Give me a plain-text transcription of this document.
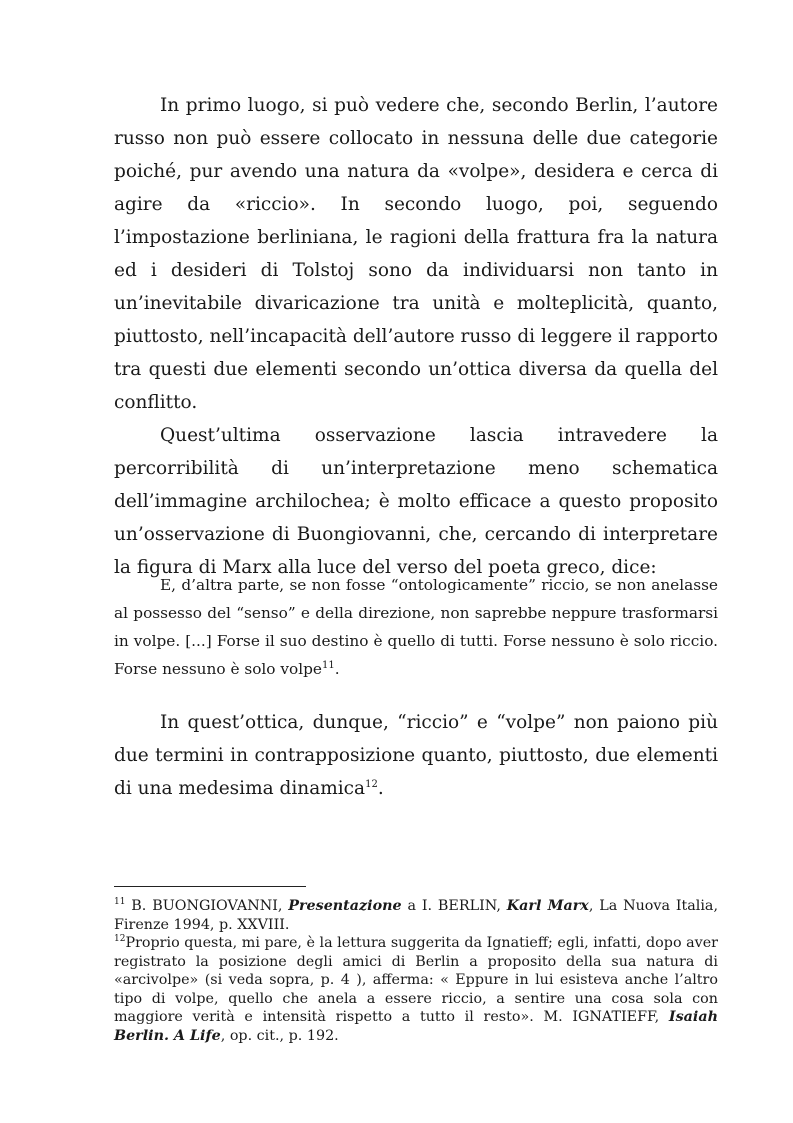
In primo luogo, si può vedere che, secondo Berlin, l’autore russo non può essere collocato in nessuna delle due categorie poiché, pur avendo una natura da «volpe», desidera e cerca di agire da «riccio». In secondo luogo, poi, seguendo l’impostazione berliniana, le ragioni della frattura fra la natura ed i desideri di Tolstoj sono da individuarsi non tanto in un’inevitabile divaricazione tra unità e molteplicità, quanto, piuttosto, nell’incapacità dell’autore russo di leggere il rapporto tra questi due elementi secondo un’ottica diversa da quella del conflitto.

Quest’ultima osservazione lascia intravedere la percorribilità di un’interpretazione meno schematica dell’immagine archilochea; è molto efficace a questo proposito un’osservazione di Buongiovanni, che, cercando di interpretare la figura di Marx alla luce del verso del poeta greco, dice:

E, d’altra parte, se non fosse “ontologicamente” riccio, se non anelasse al possesso del “senso” e della direzione, non saprebbe neppure trasformarsi in volpe. [...] Forse il suo destino è quello di tutti. Forse nessuno è solo riccio. Forse nessuno è solo volpe$^{11}$.

In quest’ottica, dunque, “riccio” e “volpe” non paiono più due termini in contrapposizione quanto, piuttosto, due elementi di una medesima dinamica$^{12}$.

$^{11}$ B. BUONGIOVANNI, Presentazione a I. BERLIN, Karl Marx, La Nuova Italia, Firenze 1994, p. XXVIII.

$^{12}$Proprio questa, mi pare, è la lettura suggerita da Ignatieff; egli, infatti, dopo aver registrato la posizione degli amici di Berlin a proposito della sua natura di «arcivolpe» (si veda sopra, p. 4 ), afferma: « Eppure in lui esisteva anche l’altro tipo di volpe, quello che anela a essere riccio, a sentire una cosa sola con maggiore verità e intensità rispetto a tutto il resto». M. IGNATIEFF, Isaiah Berlin. A Life, op. cit., p. 192.
